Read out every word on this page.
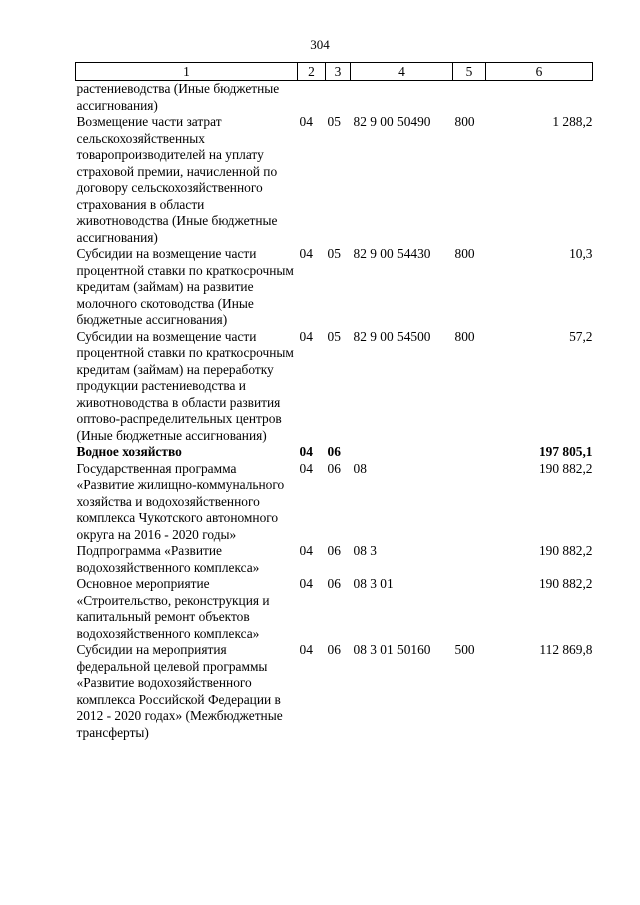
304
1	2	3	4	5	6
растениеводства (Иные бюджетные ассигнования)					
Возмещение части затрат сельскохозяйственных товаропроизводителей на уплату страховой премии, начисленной по договору сельскохозяйственного страхования в области животноводства (Иные бюджетные ассигнования)	04	05	82 9 00 50490	800	1 288,2
Субсидии на возмещение части процентной ставки по краткосрочным кредитам (займам) на развитие молочного скотоводства (Иные бюджетные ассигнования)	04	05	82 9 00 54430	800	10,3
Субсидии на возмещение части процентной ставки по краткосрочным кредитам (займам) на переработку продукции растениеводства и животноводства в области развития оптово-распределительных центров (Иные бюджетные ассигнования)	04	05	82 9 00 54500	800	57,2
Водное хозяйство	04	06			197 805,1
Государственная программа «Развитие жилищно-коммунального хозяйства и водохозяйственного комплекса Чукотского автономного округа на 2016 - 2020 годы»	04	06	08		190 882,2
Подпрограмма «Развитие водохозяйственного комплекса»	04	06	08 3		190 882,2
Основное мероприятие «Строительство, реконструкция и капитальный ремонт объектов водохозяйственного комплекса»	04	06	08 3 01		190 882,2
Субсидии на мероприятия федеральной целевой программы «Развитие водохозяйственного комплекса Российской Федерации в 2012 - 2020 годах» (Межбюджетные трансферты)	04	06	08 3 01 50160	500	112 869,8
